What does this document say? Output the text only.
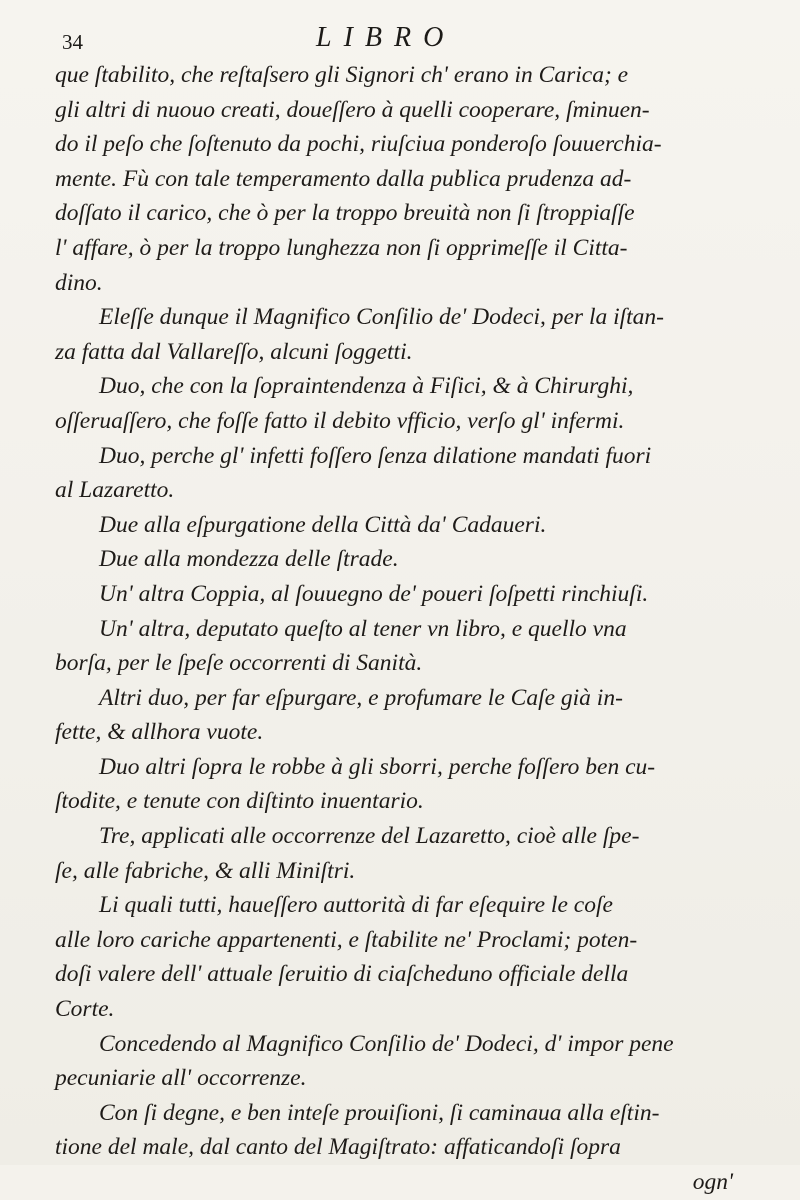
34	LIBRO
que ſtabilito, che reſtaſsero gli Signori ch' erano in Carica; e
gli altri di nuouo creati, doueſſero à quelli cooperare, ſminuen-
do il peſo che ſoſtenuto da pochi, riuſciua ponderoſo ſouuerchia-
mente. Fù con tale temperamento dalla publica prudenza ad-
doſſato il carico, che ò per la troppo breuità non ſi ſtroppiaſſe
l' affare, ò per la troppo lunghezza non ſi opprimeſſe il Citta-
dino.
Eleſſe dunque il Magnifico Conſilio de' Dodeci, per la iſtan-
za fatta dal Vallareſſo, alcuni ſoggetti.
Duo, che con la ſopraintendenza à Fiſici, & à Chirurghi,
oſſeruaſſero, che foſſe fatto il debito vfficio, verſo gl' infermi.
Duo, perche gl' infetti foſſero ſenza dilatione mandati fuori
al Lazaretto.
Due alla eſpurgatione della Città da' Cadaueri.
Due alla mondezza delle ſtrade.
Un' altra Coppia, al ſouuegno de' poueri ſoſpetti rinchiuſi.
Un' altra, deputato queſto al tener vn libro, e quello vna
borſa, per le ſpeſe occorrenti di Sanità.
Altri duo, per far eſpurgare, e profumare le Caſe già in-
fette, & allhora vuote.
Duo altri ſopra le robbe à gli sborri, perche foſſero ben cu-
ſtodite, e tenute con diſtinto inuentario.
Tre, applicati alle occorrenze del Lazaretto, cioè alle ſpe-
ſe, alle fabriche, & alli Miniſtri.
Li quali tutti, haueſſero auttorità di far eſequire le coſe
alle loro cariche appartenenti, e ſtabilite ne' Proclami; poten-
doſi valere dell' attuale ſeruitio di ciaſcheduno officiale della
Corte.
Concedendo al Magnifico Conſilio de' Dodeci, d' impor pene
pecuniarie all' occorrenze.
Con ſi degne, e ben inteſe prouiſioni, ſi caminaua alla eſtin-
tione del male, dal canto del Magiſtrato: affaticandoſi ſopra
ogn'
